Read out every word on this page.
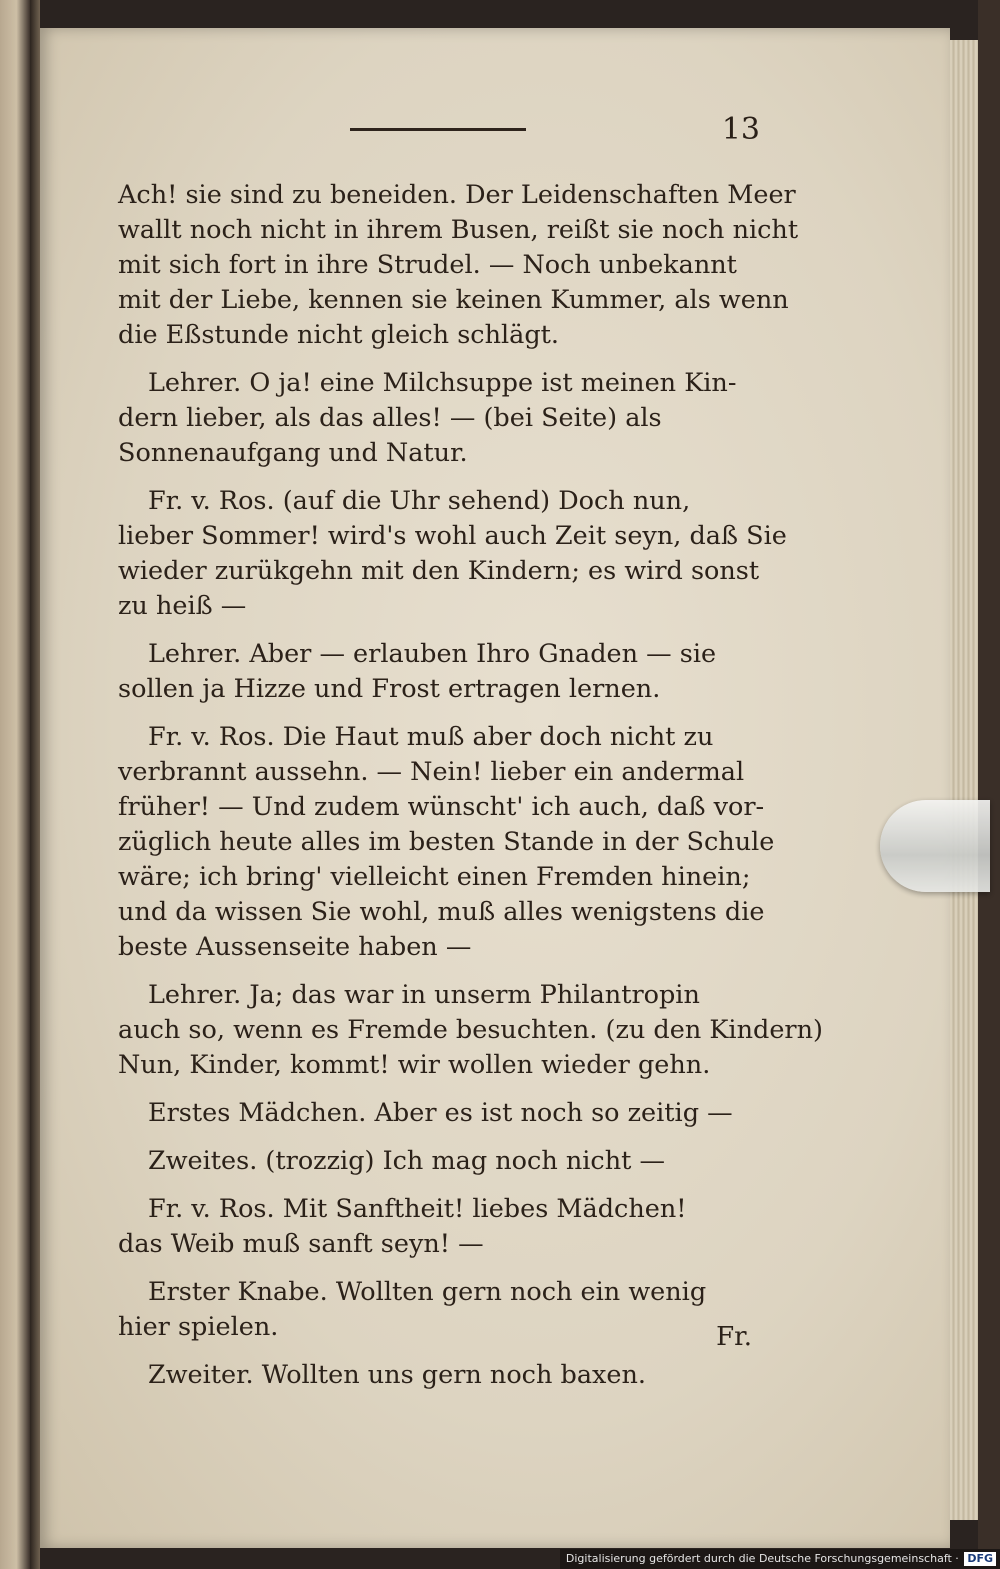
13
Ach! sie sind zu beneiden. Der Leidenschaften Meer
wallt noch nicht in ihrem Busen, reißt sie noch nicht
mit sich fort in ihre Strudel. — Noch unbekannt
mit der Liebe, kennen sie keinen Kummer, als wenn
die Eßstunde nicht gleich schlägt.
Lehrer. O ja! eine Milchsuppe ist meinen Kin-
dern lieber, als das alles! — (bei Seite) als
Sonnenaufgang und Natur.
Fr. v. Ros. (auf die Uhr sehend) Doch nun,
lieber Sommer! wird's wohl auch Zeit seyn, daß Sie
wieder zurükgehn mit den Kindern; es wird sonst
zu heiß —
Lehrer. Aber — erlauben Ihro Gnaden — sie
sollen ja Hizze und Frost ertragen lernen.
Fr. v. Ros. Die Haut muß aber doch nicht zu
verbrannt aussehn. — Nein! lieber ein andermal
früher! — Und zudem wünscht' ich auch, daß vor-
züglich heute alles im besten Stande in der Schule
wäre; ich bring' vielleicht einen Fremden hinein;
und da wissen Sie wohl, muß alles wenigstens die
beste Aussenseite haben —
Lehrer. Ja; das war in unserm Philantropin
auch so, wenn es Fremde besuchten. (zu den Kindern)
Nun, Kinder, kommt! wir wollen wieder gehn.
Erstes Mädchen. Aber es ist noch so zeitig —
Zweites. (trozzig) Ich mag noch nicht —
Fr. v. Ros. Mit Sanftheit! liebes Mädchen!
das Weib muß sanft seyn! —
Erster Knabe. Wollten gern noch ein wenig
hier spielen.
Zweiter. Wollten uns gern noch baxen.
Fr.
Digitalisierung gefördert durch die Deutsche Forschungsgemeinschaft · DFG
